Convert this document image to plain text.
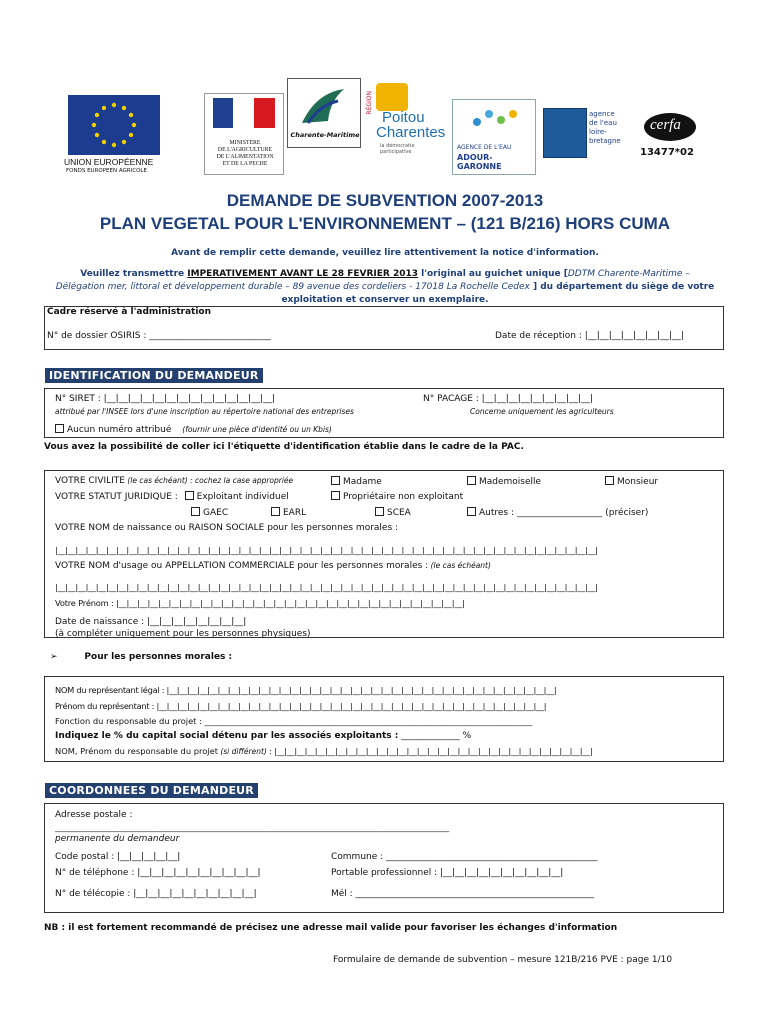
UNION EUROPÉENNE
FONDS EUROPEEN AGRICOLE
MINISTERE
DE L'AGRICULTURE
DE L'ALIMENTATION
ET DE LA PECHE
Charente-Maritime
RÉGION
Poitou
Charentes
la démocratie participative
AGENCE DE L'EAU
ADOUR-GARONNE
agence
de l'eau
loire-
bretagne
cerfa
13477*02
DEMANDE DE SUBVENTION 2007-2013
PLAN VEGETAL POUR L'ENVIRONNEMENT – (121 B/216) HORS CUMA
Avant de remplir cette demande, veuillez lire attentivement la notice d'information.
Veuillez transmettre IMPERATIVEMENT AVANT LE 28 FEVRIER 2013 l'original au guichet unique [DDTM Charente-Maritime –
Délégation mer, littoral et développement durable – 89 avenue des cordeliers - 17018 La Rochelle Cedex ] du département du siège de votre
exploitation et conserver un exemplaire.
Cadre réservé à l'administration
N° de dossier OSIRIS : ___________________________	Date de réception : |__|__|__|__|__|__|__|__|
IDENTIFICATION DU DEMANDEUR
N° SIRET : |__|__|__|__|__|__|__|__|__|__|__|__|__|__|
attribué par l'INSEE lors d'une inscription au répertoire national des entreprises
N° PACAGE : |__|__|__|__|__|__|__|__|__|
Concerne uniquement les agriculteurs
Aucun numéro attribué (fournir une pièce d'identité ou un Kbis)
Vous avez la possibilité de coller ici l'étiquette d'identification établie dans le cadre de la PAC.
VOTRE CIVILITE (le cas échéant) : cochez la case appropriée	Madame	Mademoiselle	Monsieur
VOTRE STATUT JURIDIQUE : Exploitant individuel	Propriétaire non exploitant
GAEC	EARL	SCEA	Autres : ___________________ (préciser)
VOTRE NOM de naissance ou RAISON SOCIALE pour les personnes morales :
|__|__|__|__|__|__|__|__|__|__|__|__|__|__|__|__|__|__|__|__|__|__|__|__|__|__|__|__|__|__|__|__|__|__|__|__|__|__|__|__|__|__|__|__|__|__|__|__|__|__|__|__|__|
VOTRE NOM d'usage ou APPELLATION COMMERCIALE pour les personnes morales : (le cas échéant)
|__|__|__|__|__|__|__|__|__|__|__|__|__|__|__|__|__|__|__|__|__|__|__|__|__|__|__|__|__|__|__|__|__|__|__|__|__|__|__|__|__|__|__|__|__|__|__|__|__|__|__|__|__|
Votre Prénom : |__|__|__|__|__|__|__|__|__|__|__|__|__|__|__|__|__|__|__|__|__|__|__|__|__|__|__|__|__|__|__|__|__|
Date de naissance : |__|__|__|__|__|__|__|__|
(à compléter uniquement pour les personnes physiques)
➢	Pour les personnes morales :
NOM du représentant légal : |__|__|__|__|__|__|__|__|__|__|__|__|__|__|__|__|__|__|__|__|__|__|__|__|__|__|__|__|__|__|__|__|__|__|__|__|__|__|
Prénom du représentant : |__|__|__|__|__|__|__|__|__|__|__|__|__|__|__|__|__|__|__|__|__|__|__|__|__|__|__|__|__|__|__|__|__|__|__|__|__|__|
Fonction du responsable du projet : _______________________________________________________________________________
Indiquez le % du capital social détenu par les associés exploitants : _____________ %
NOM, Prénom du responsable du projet (si différent) : |__|__|__|__|__|__|__|__|__|__|__|__|__|__|__|__|__|__|__|__|__|__|__|__|__|__|__|__|__|__|__|
COORDONNEES DU DEMANDEUR
Adresse postale :
_______________________________________________________________________________________________
permanente du demandeur
Code postal : |__|__|__|__|__|	Commune : _______________________________________________
N° de téléphone : |__|__|__|__|__|__|__|__|__|__|	Portable professionnel : |__|__|__|__|__|__|__|__|__|__|
N° de télécopie : |__|__|__|__|__|__|__|__|__|__|	Mél : _____________________________________________________
NB : il est fortement recommandé de précisez une adresse mail valide pour favoriser les échanges d'information
Formulaire de demande de subvention – mesure 121B/216 PVE : page 1/10
